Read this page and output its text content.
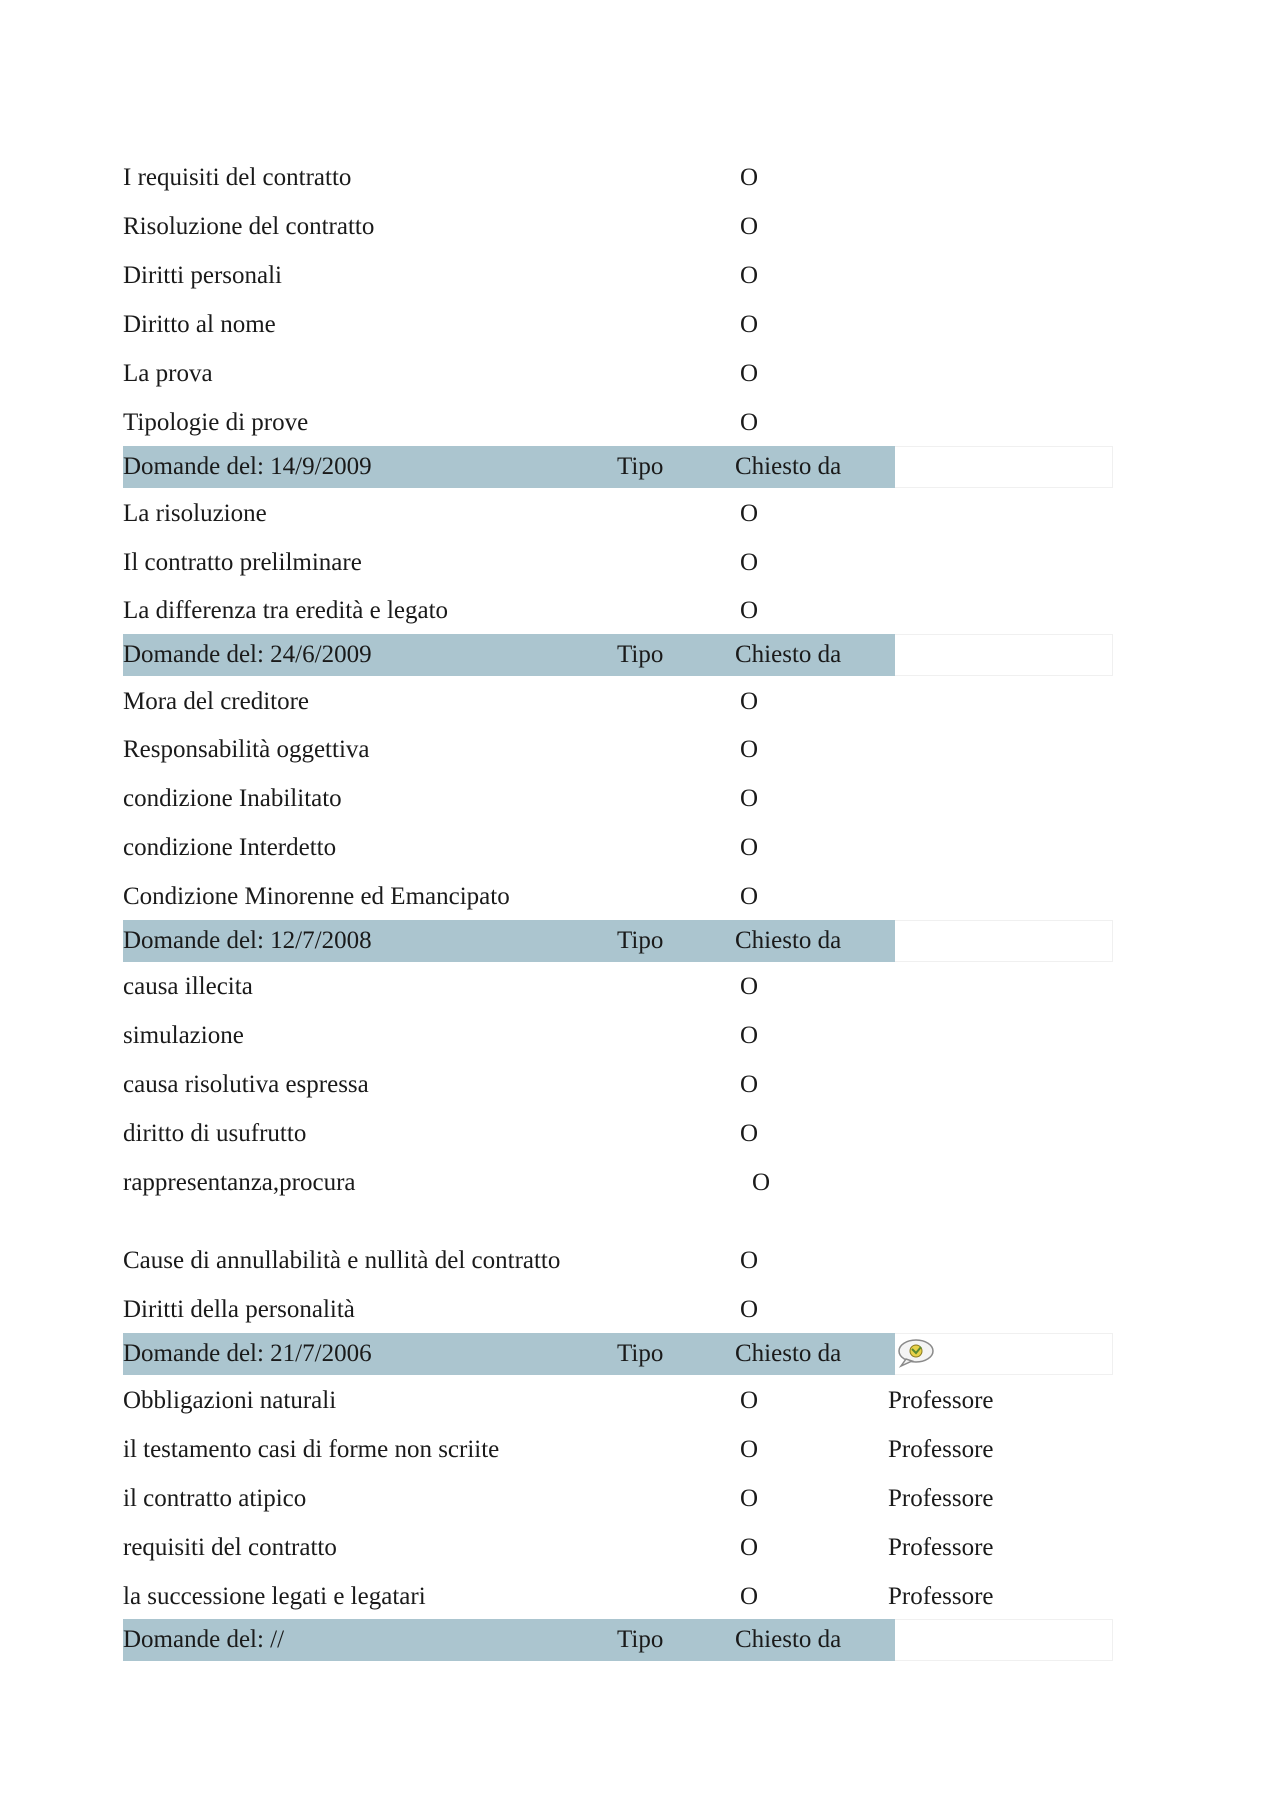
I requisiti del contratto	O
Risoluzione del contratto	O
Diritti personali	O
Diritto al nome	O
La prova	O
Tipologie di prove	O
Domande del: 14/9/2009	Tipo	Chiesto da
La risoluzione	O
Il contratto prelilminare	O
La differenza tra eredità e legato	O
Domande del: 24/6/2009	Tipo	Chiesto da
Mora del creditore	O
Responsabilità oggettiva	O
condizione Inabilitato	O
condizione Interdetto	O
Condizione Minorenne ed Emancipato	O
Domande del: 12/7/2008	Tipo	Chiesto da
causa illecita	O
simulazione	O
causa risolutiva espressa	O
diritto di usufrutto	O
rappresentanza,procura	O
Cause di annullabilità e nullità del contratto	O
Diritti della personalità	O
Domande del: 21/7/2006	Tipo	Chiesto da
Obbligazioni naturali	O	Professore
il testamento casi di forme non scriite	O	Professore
il contratto atipico	O	Professore
requisiti del contratto	O	Professore
la successione legati e legatari	O	Professore
Domande del: //	Tipo	Chiesto da
